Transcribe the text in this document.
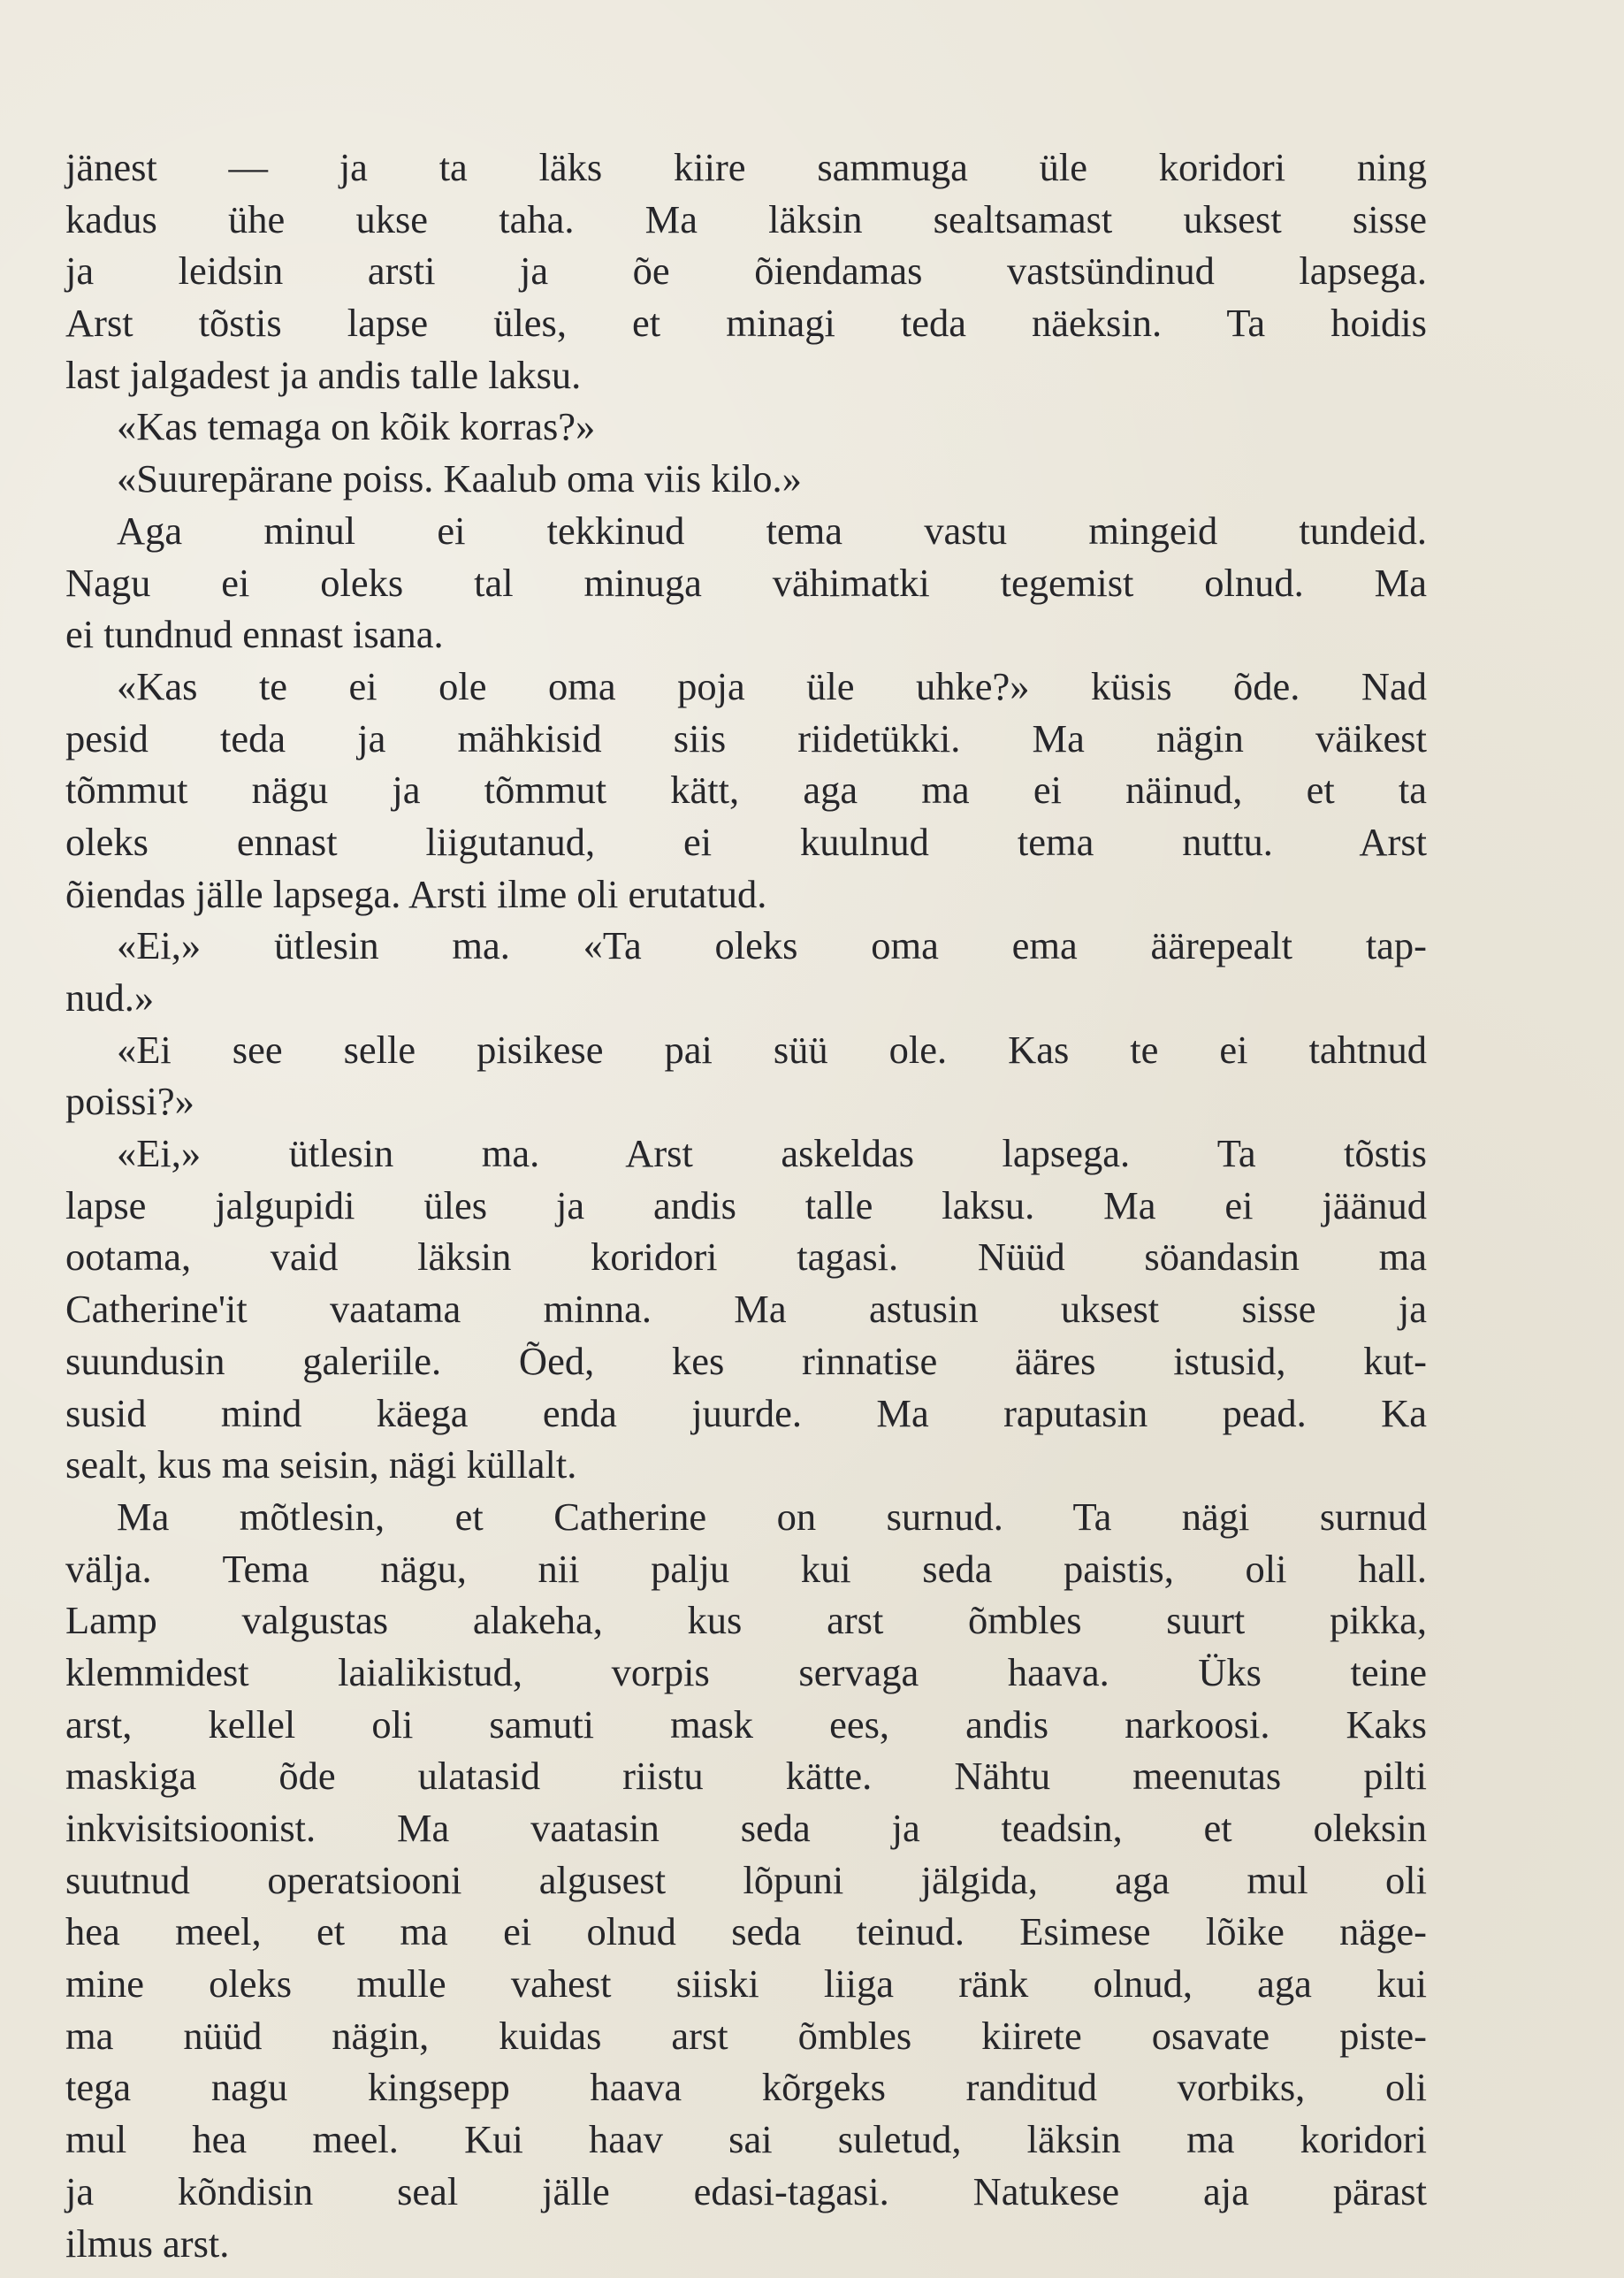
jänest — ja ta läks kiire sammuga üle koridori ning
kadus ühe ukse taha. Ma läksin sealtsamast uksest sisse
ja leidsin arsti ja õe õiendamas vastsündinud lapsega.
Arst tõstis lapse üles, et minagi teda näeksin. Ta hoidis
last jalgadest ja andis talle laksu.
«Kas temaga on kõik korras?»
«Suurepärane poiss. Kaalub oma viis kilo.»
Aga minul ei tekkinud tema vastu mingeid tundeid.
Nagu ei oleks tal minuga vähimatki tegemist olnud. Ma
ei tundnud ennast isana.
«Kas te ei ole oma poja üle uhke?» küsis õde. Nad
pesid teda ja mähkisid siis riidetükki. Ma nägin väikest
tõmmut nägu ja tõmmut kätt, aga ma ei näinud, et ta
oleks ennast liigutanud, ei kuulnud tema nuttu. Arst
õiendas jälle lapsega. Arsti ilme oli erutatud.
«Ei,» ütlesin ma. «Ta oleks oma ema äärepealt tap-
nud.»
«Ei see selle pisikese pai süü ole. Kas te ei tahtnud
poissi?»
«Ei,» ütlesin ma. Arst askeldas lapsega. Ta tõstis
lapse jalgupidi üles ja andis talle laksu. Ma ei jäänud
ootama, vaid läksin koridori tagasi. Nüüd söandasin ma
Catherine'it vaatama minna. Ma astusin uksest sisse ja
suundusin galeriile. Õed, kes rinnatise ääres istusid, kut-
susid mind käega enda juurde. Ma raputasin pead. Ka
sealt, kus ma seisin, nägi küllalt.
Ma mõtlesin, et Catherine on surnud. Ta nägi surnud
välja. Tema nägu, nii palju kui seda paistis, oli hall.
Lamp valgustas alakeha, kus arst õmbles suurt pikka,
klemmidest laialikistud, vorpis servaga haava. Üks teine
arst, kellel oli samuti mask ees, andis narkoosi. Kaks
maskiga õde ulatasid riistu kätte. Nähtu meenutas pilti
inkvisitsioonist. Ma vaatasin seda ja teadsin, et oleksin
suutnud operatsiooni algusest lõpuni jälgida, aga mul oli
hea meel, et ma ei olnud seda teinud. Esimese lõike näge-
mine oleks mulle vahest siiski liiga ränk olnud, aga kui
ma nüüd nägin, kuidas arst õmbles kiirete osavate piste-
tega nagu kingsepp haava kõrgeks randitud vorbiks, oli
mul hea meel. Kui haav sai suletud, läksin ma koridori
ja kõndisin seal jälle edasi-tagasi. Natukese aja pärast
ilmus arst.
